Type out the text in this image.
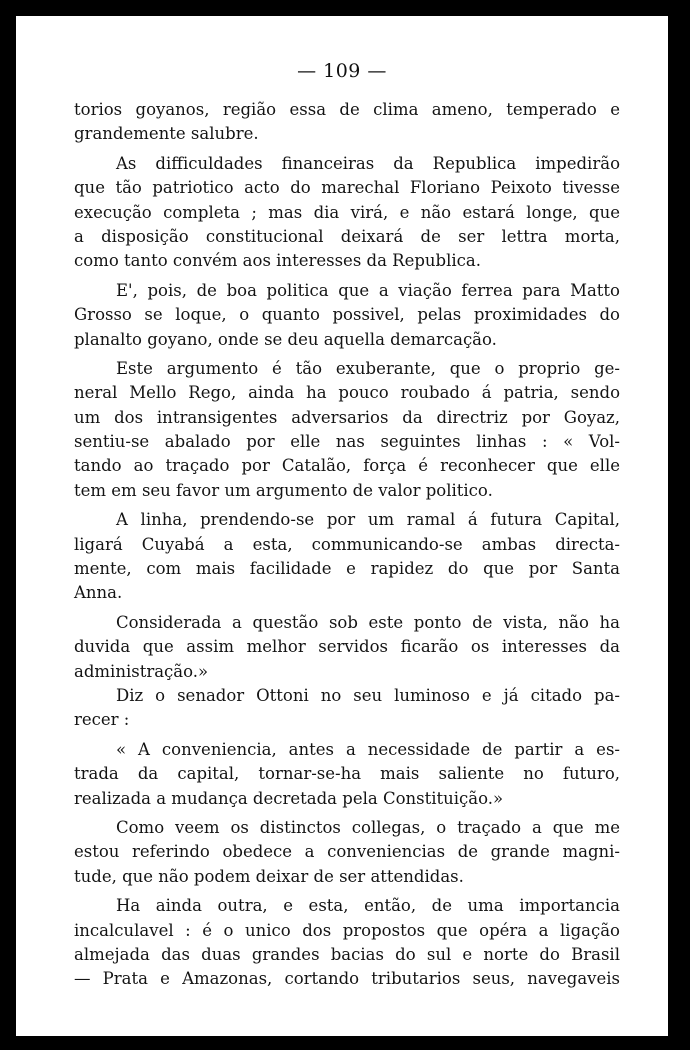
— 109 —
torios goyanos, região essa de clima ameno, temperado e
grandemente salubre.
As difficuldades financeiras da Republica impedirão
que tão patriotico acto do marechal Floriano Peixoto tivesse
execução completa ; mas dia virá, e não estará longe, que
a disposição constitucional deixará de ser lettra morta,
como tanto convém aos interesses da Republica.
E', pois, de boa politica que a viação ferrea para Matto
Grosso se loque, o quanto possivel, pelas proximidades do
planalto goyano, onde se deu aquella demarcação.
Este argumento é tão exuberante, que o proprio ge-
neral Mello Rego, ainda ha pouco roubado á patria, sendo
um dos intransigentes adversarios da directriz por Goyaz,
sentiu-se abalado por elle nas seguintes linhas : « Vol-
tando ao traçado por Catalão, força é reconhecer que elle
tem em seu favor um argumento de valor politico.
A linha, prendendo-se por um ramal á futura Capital,
ligará Cuyabá a esta, communicando-se ambas directa-
mente, com mais facilidade e rapidez do que por Santa
Anna.
Considerada a questão sob este ponto de vista, não ha
duvida que assim melhor servidos ficarão os interesses da
administração.»
Diz o senador Ottoni no seu luminoso e já citado pa-
recer :
« A conveniencia, antes a necessidade de partir a es-
trada da capital, tornar-se-ha mais saliente no futuro,
realizada a mudança decretada pela Constituição.»
Como veem os distinctos collegas, o traçado a que me
estou referindo obedece a conveniencias de grande magni-
tude, que não podem deixar de ser attendidas.
Ha ainda outra, e esta, então, de uma importancia
incalculavel : é o unico dos propostos que opéra a ligação
almejada das duas grandes bacias do sul e norte do Brasil
— Prata e Amazonas, cortando tributarios seus, navegaveis
